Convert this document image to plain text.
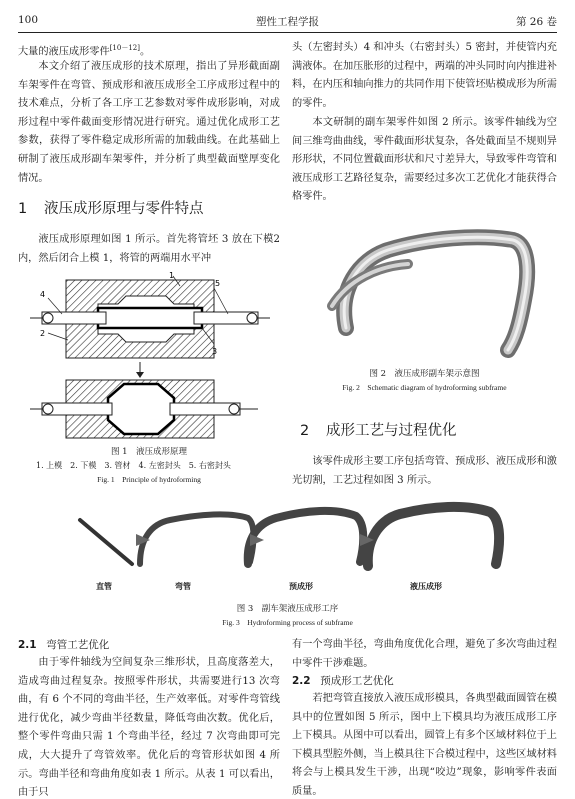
100	塑性工程学报	第 26 卷
大量的液压成形零件[10－12]。
本文介绍了液压成形的技术原理，指出了异形截面副车架零件在弯管、预成形和液压成形全工序成形过程中的技术难点，分析了各工序工艺参数对零件成形影响，对成形过程中零件截面变形情况进行研究。通过优化成形工艺参数，获得了零件稳定成形所需的加载曲线。在此基础上研制了液压成形副车架零件，并分析了典型截面壁厚变化情况。
1 液压成形原理与零件特点
液压成形原理如图 1 所示。首先将管坯 3 放在下模2 内，然后闭合上模 1，将管的两端用水平冲
1
4
2
5
3
图 1　液压成形原理
1. 上模　2. 下模　3. 管材　4. 左密封头　5. 右密封头
Fig. 1　Principle of hydroforming
头（左密封头）4 和冲头（右密封头）5 密封，并使管内充满液体。在加压胀形的过程中，两端的冲头同时向内推进补料，在内压和轴向推力的共同作用下使管坯贴模成形为所需的零件。
本文研制的副车架零件如图 2 所示。该零件轴线为空间三维弯曲曲线，零件截面形状复杂，各处截面呈不规则异形形状，不同位置截面形状和尺寸差异大，导致零件弯管和液压成形工艺路径复杂，需要经过多次工艺优化才能获得合格零件。
图 2　液压成形副车架示意图
Fig. 2　Schematic diagram of hydroforming subframe
2 成形工艺与过程优化
该零件成形主要工序包括弯管、预成形、液压成形和激光切割，工艺过程如图 3 所示。
直管	弯管	预成形	液压成形
图 3　副车架液压成形工序
Fig. 3　Hydroforming process of subframe
2.1 弯管工艺优化
由于零件轴线为空间复杂三维形状，且高度落差大，造成弯曲过程复杂。按照零件形状，共需要进行13 次弯曲，有 6 个不同的弯曲半径，生产效率低。对零件弯管线进行优化，减少弯曲半径数量，降低弯曲次数。优化后，整个零件弯曲只需 1 个弯曲半径，经过 7 次弯曲即可完成，大大提升了弯管效率。优化后的弯管形状如图 4 所示。弯曲半径和弯曲角度如表 1 所示。从表 1 可以看出，由于只
有一个弯曲半径，弯曲角度优化合理，避免了多次弯曲过程中零件干涉难题。
2.2 预成形工艺优化
若把弯管直接放入液压成形模具，各典型截面圆管在模具中的位置如图 5 所示，图中上下模具均为液压成形工序上下模具。从图中可以看出，圆管上有多个区域材料位于上下模具型腔外侧，当上模具往下合模过程中，这些区域材料将会与上模具发生干涉，出现“咬边”现象，影响零件表面质量。
